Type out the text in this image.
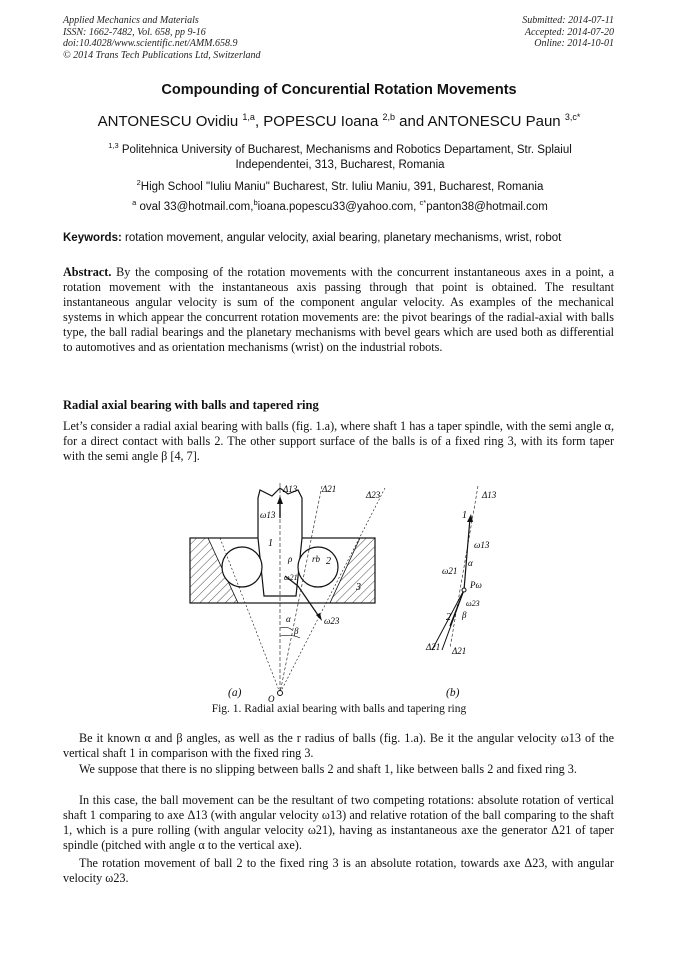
Applied Mechanics and Materials
ISSN: 1662-7482, Vol. 658, pp 9-16
doi:10.4028/www.scientific.net/AMM.658.9
© 2014 Trans Tech Publications Ltd, Switzerland
Submitted: 2014-07-11
Accepted: 2014-07-20
Online: 2014-10-01
Compounding of Concurential Rotation Movements
ANTONESCU Ovidiu $^{1,a}$, POPESCU Ioana $^{2,b}$ and ANTONESCU Paun $^{3,c*}$
$^{1,3}$ Politehnica University of Bucharest, Mechanisms and Robotics Departament, Str. Splaiul Independentei, 313, Bucharest, Romania
$^2$High School "Iuliu Maniu" Bucharest, Str. Iuliu Maniu, 391, Bucharest, Romania
$^a$ oval 33@hotmail.com,$^b$ioana.popescu33@yahoo.com, $^{c*}$panton38@hotmail.com
Keywords: rotation movement, angular velocity, axial bearing, planetary mechanisms, wrist, robot
Abstract. By the composing of the rotation movements with the concurrent instantaneous axes in a point, a rotation movement with the instantaneous axis passing through that point is obtained. The resultant instantaneous angular velocity is sum of the component angular velocity. As examples of the mechanical systems in which appear the concurrent rotation movements are: the pivot bearings of the radial-axial with balls type, the ball radial bearings and the planetary mechanisms with bevel gears which are used both as differential to automotives and as orientation mechanisms (wrist) on the industrial robots.
Radial axial bearing with balls and tapered ring
Let’s consider a radial axial bearing with balls (fig. 1.a), where shaft 1 has a taper spindle, with the semi angle α, for a direct contact with balls 2. The other support surface of the balls is of a fixed ring 3, with its form taper with the semi angle β [4, 7].
Δ13	Δ21
Δ23
ω13
1
ρ rb 2
ω21
3
α
β
ω23
O
Δ13
1
ω13
ω21
α
Pω
ω23
β
2
Δ21 Δ21
(a)	(b)
Fig. 1. Radial axial bearing with balls and tapering ring
Be it known α and β angles, as well as the r radius of balls (fig. 1.a). Be it the angular velocity ω13 of the vertical shaft 1 in comparison with the fixed ring 3.
We suppose that there is no slipping between balls 2 and shaft 1, like between balls 2 and fixed ring 3.
In this case, the ball movement can be the resultant of two competing rotations: absolute rotation of vertical shaft 1 comparing to axe Δ13 (with angular velocity ω13) and relative rotation of the ball comparing to the shaft 1, which is a pure rolling (with angular velocity ω21), having as instantaneous axe the generator Δ21 of taper spindle (pitched with angle α to the vertical axe).
The rotation movement of ball 2 to the fixed ring 3 is an absolute rotation, towards axe Δ23, with angular velocity ω23.
